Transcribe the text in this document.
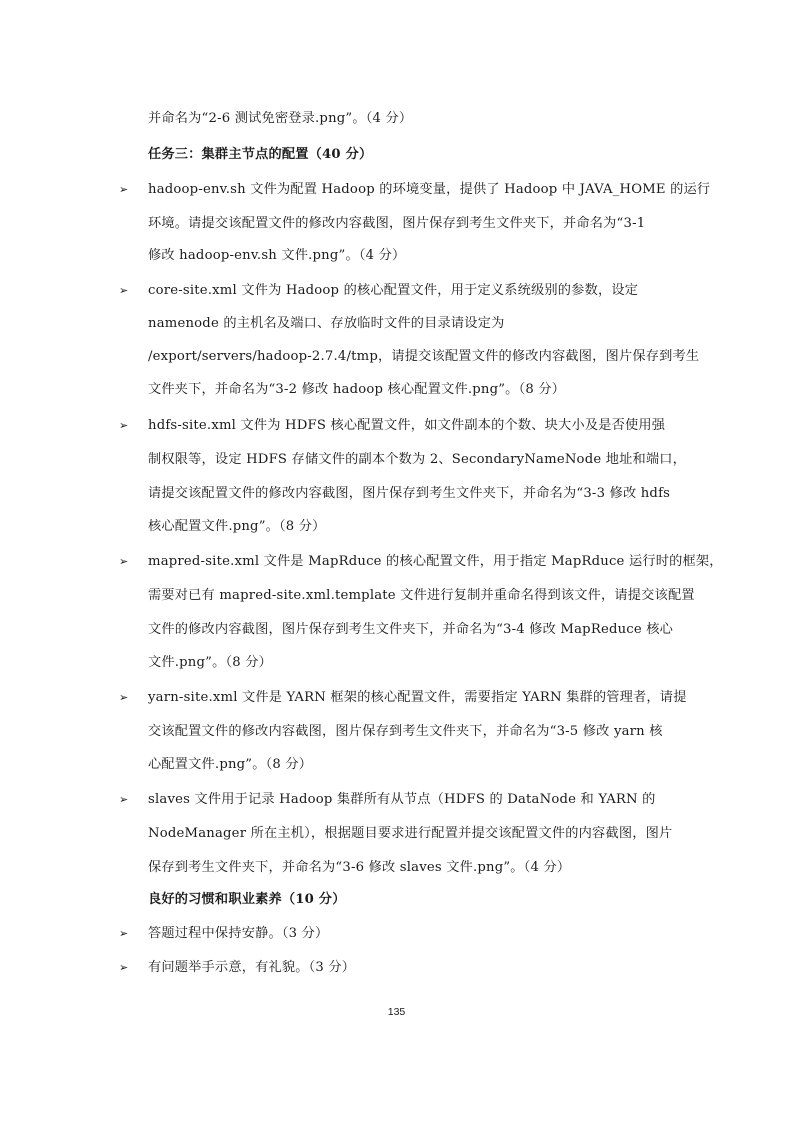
并命名为“2-6 测试免密登录.png”。（4 分）
任务三：集群主节点的配置（40 分）
➢ hadoop-env.sh 文件为配置 Hadoop 的环境变量，提供了 Hadoop 中 JAVA_HOME 的运行
环境。请提交该配置文件的修改内容截图，图片保存到考生文件夹下，并命名为“3-1
修改 hadoop-env.sh 文件.png”。（4 分）
➢ core-site.xml 文件为 Hadoop 的核心配置文件，用于定义系统级别的参数，设定
namenode 的主机名及端口、存放临时文件的目录请设定为
/export/servers/hadoop-2.7.4/tmp，请提交该配置文件的修改内容截图，图片保存到考生
文件夹下，并命名为“3-2 修改 hadoop 核心配置文件.png”。（8 分）
➢ hdfs-site.xml 文件为 HDFS 核心配置文件，如文件副本的个数、块大小及是否使用强
制权限等，设定 HDFS 存储文件的副本个数为 2、SecondaryNameNode 地址和端口，
请提交该配置文件的修改内容截图，图片保存到考生文件夹下，并命名为“3-3 修改 hdfs
核心配置文件.png”。（8 分）
➢ mapred-site.xml 文件是 MapRduce 的核心配置文件，用于指定 MapRduce 运行时的框架，
需要对已有 mapred-site.xml.template 文件进行复制并重命名得到该文件，请提交该配置
文件的修改内容截图，图片保存到考生文件夹下，并命名为“3-4 修改 MapReduce 核心
文件.png”。（8 分）
➢ yarn-site.xml 文件是 YARN 框架的核心配置文件，需要指定 YARN 集群的管理者，请提
交该配置文件的修改内容截图，图片保存到考生文件夹下，并命名为“3-5 修改 yarn 核
心配置文件.png”。（8 分）
➢ slaves 文件用于记录 Hadoop 集群所有从节点（HDFS 的 DataNode 和 YARN 的
NodeManager 所在主机），根据题目要求进行配置并提交该配置文件的内容截图，图片
保存到考生文件夹下，并命名为“3-6 修改 slaves 文件.png”。（4 分）
良好的习惯和职业素养（10 分）
➢ 答题过程中保持安静。（3 分）
➢ 有问题举手示意，有礼貌。（3 分）
135
